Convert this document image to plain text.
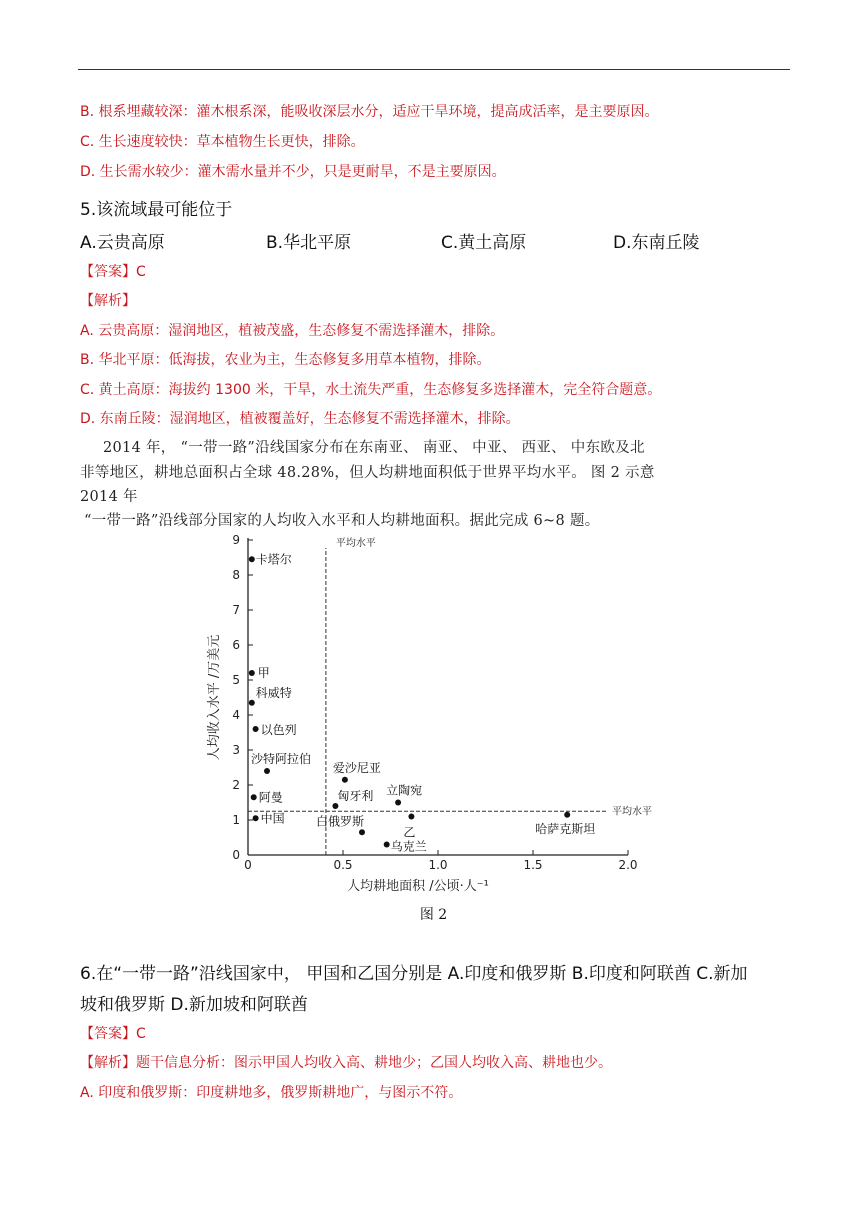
B. 根系埋藏较深：灌木根系深，能吸收深层水分，适应干旱环境，提高成活率，是主要原因。
C. 生长速度较快：草本植物生长更快，排除。
D. 生长需水较少：灌木需水量并不少，只是更耐旱，不是主要原因。
5.该流域最可能位于
A.云贵高原	B.华北平原	C.黄土高原	D.东南丘陵
【答案】C
【解析】
A. 云贵高原：湿润地区，植被茂盛，生态修复不需选择灌木，排除。
B. 华北平原：低海拔，农业为主，生态修复多用草本植物，排除。
C. 黄土高原：海拔约 1300 米，干旱，水土流失严重，生态修复多选择灌木，完全符合题意。
D. 东南丘陵：湿润地区，植被覆盖好，生态修复不需选择灌木，排除。
2014 年， “一带一路”沿线国家分布在东南亚、 南亚、 中亚、 西亚、 中东欧及北
非等地区，耕地总面积占全球 48.28%，但人均耕地面积低于世界平均水平。 图 2 示意
2014 年
“一带一路”沿线部分国家的人均收入水平和人均耕地面积。据此完成 6~8 题。
0
1
2
3
4
5
6
7
8
9
0	0.5	1.0	1.5	2.0
平均水平
平均水平
人均收入水平 /万美元
人均耕地面积 /公顷·人⁻¹
卡塔尔
甲
科威特
以色列
沙特阿拉伯
阿曼
中国
爱沙尼亚
匈牙利 立陶宛
乙
白俄罗斯
乌克兰
哈萨克斯坦
图 2
6.在“一带一路”沿线国家中， 甲国和乙国分别是 A.印度和俄罗斯 B.印度和阿联酋 C.新加
坡和俄罗斯 D.新加坡和阿联酋
【答案】C
【解析】题干信息分析：图示甲国人均收入高、耕地少；乙国人均收入高、耕地也少。
A. 印度和俄罗斯：印度耕地多，俄罗斯耕地广，与图示不符。
